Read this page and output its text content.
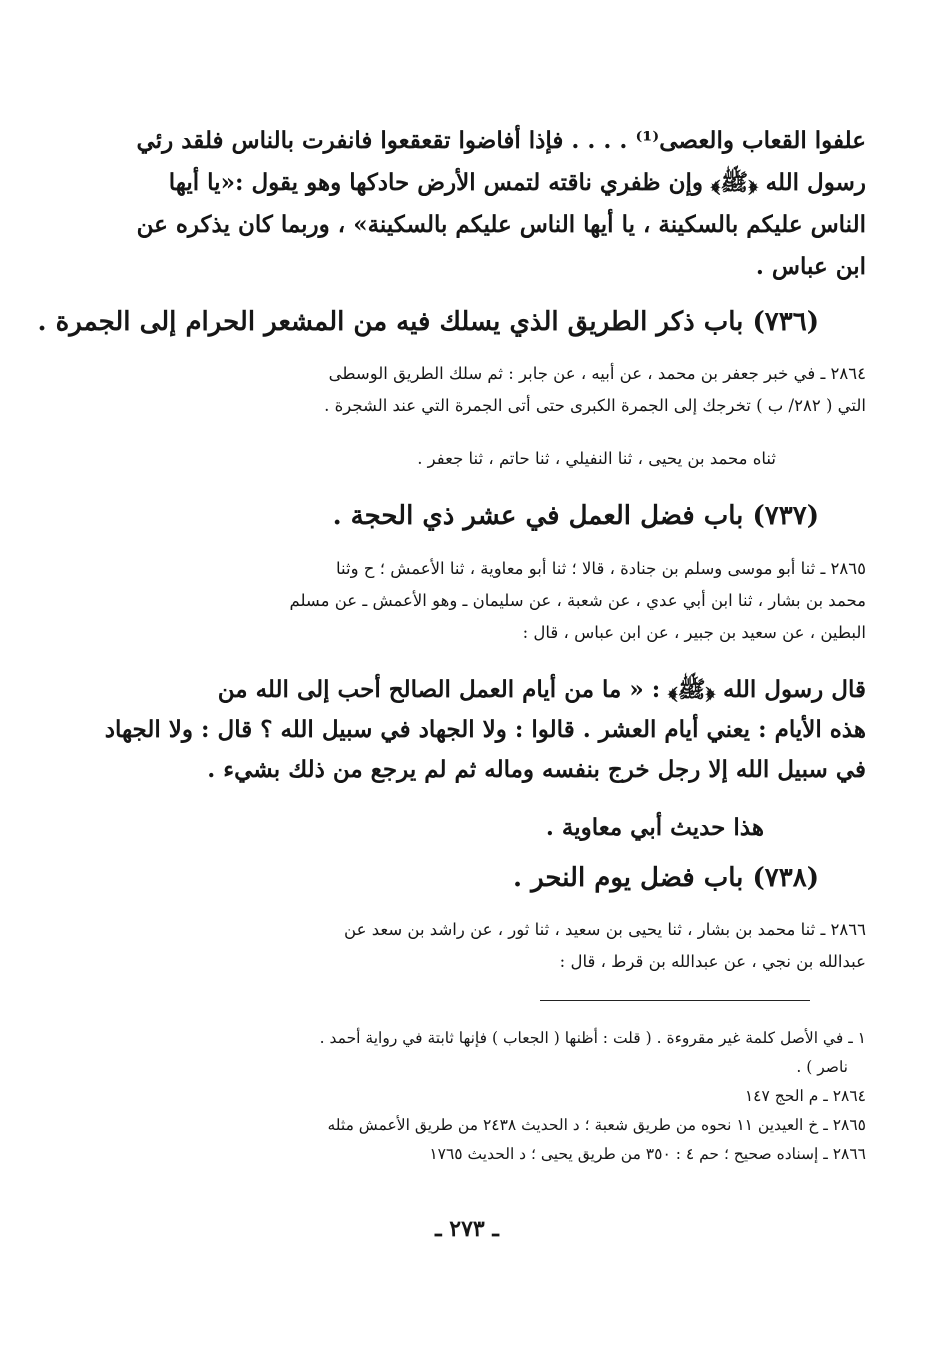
علفوا القعاب والعصى⁽¹⁾ . . . . فإذا أفاضوا تقعقعوا فانفرت بالناس فلقد رئي
رسول الله ﴿ﷺ﴾ وإن ظفري ناقته لتمس الأرض حادكها وهو يقول :«يا أيها
الناس عليكم بالسكينة ، يا أيها الناس عليكم بالسكينة» ، وربما كان يذكره عن
ابن عباس .
(٧٣٦) باب ذكر الطريق الذي يسلك فيه من المشعر الحرام إلى الجمرة .
٢٨٦٤ ـ في خبر جعفر بن محمد ، عن أبيه ، عن جابر : ثم سلك الطريق الوسطى
التي ( ٢٨٢/ ب ) تخرجك إلى الجمرة الكبرى حتى أتى الجمرة التي عند الشجرة .
ثناه محمد بن يحيى ، ثنا النفيلي ، ثنا حاتم ، ثنا جعفر .
(٧٣٧) باب فضل العمل في عشر ذي الحجة .
٢٨٦٥ ـ ثنا أبو موسى وسلم بن جنادة ، قالا ؛ ثنا أبو معاوية ، ثنا الأعمش ؛ ح وثنا
محمد بن بشار ، ثنا ابن أبي عدي ، عن شعبة ، عن سليمان ـ وهو الأعمش ـ عن مسلم
البطين ، عن سعيد بن جبير ، عن ابن عباس ، قال :
قال رسول الله ﴿ﷺ﴾ : « ما من أيام العمل الصالح أحب إلى الله من
هذه الأيام : يعني أيام العشر . قالوا : ولا الجهاد في سبيل الله ؟ قال : ولا الجهاد
في سبيل الله إلا رجل خرج بنفسه وماله ثم لم يرجع من ذلك بشيء .
هذا حديث أبي معاوية .
(٧٣٨) باب فضل يوم النحر .
٢٨٦٦ ـ ثنا محمد بن بشار ، ثنا يحيى بن سعيد ، ثنا ثور ، عن راشد بن سعد عن
عبدالله بن نجي ، عن عبدالله بن قرط ، قال :
١ ـ في الأصل كلمة غير مقروءة . ( قلت : أظنها ( الجعاب ) فإنها ثابتة في رواية أحمد .
ناصر ) .
٢٨٦٤ ـ م الحج ١٤٧
٢٨٦٥ ـ خ العيدين ١١ نحوه من طريق شعبة ؛ د الحديث ٢٤٣٨ من طريق الأعمش مثله
٢٨٦٦ ـ إسناده صحيح ؛ حم ٤ : ٣٥٠ من طريق يحيى ؛ د الحديث ١٧٦٥
ـ ٢٧٣ ـ
